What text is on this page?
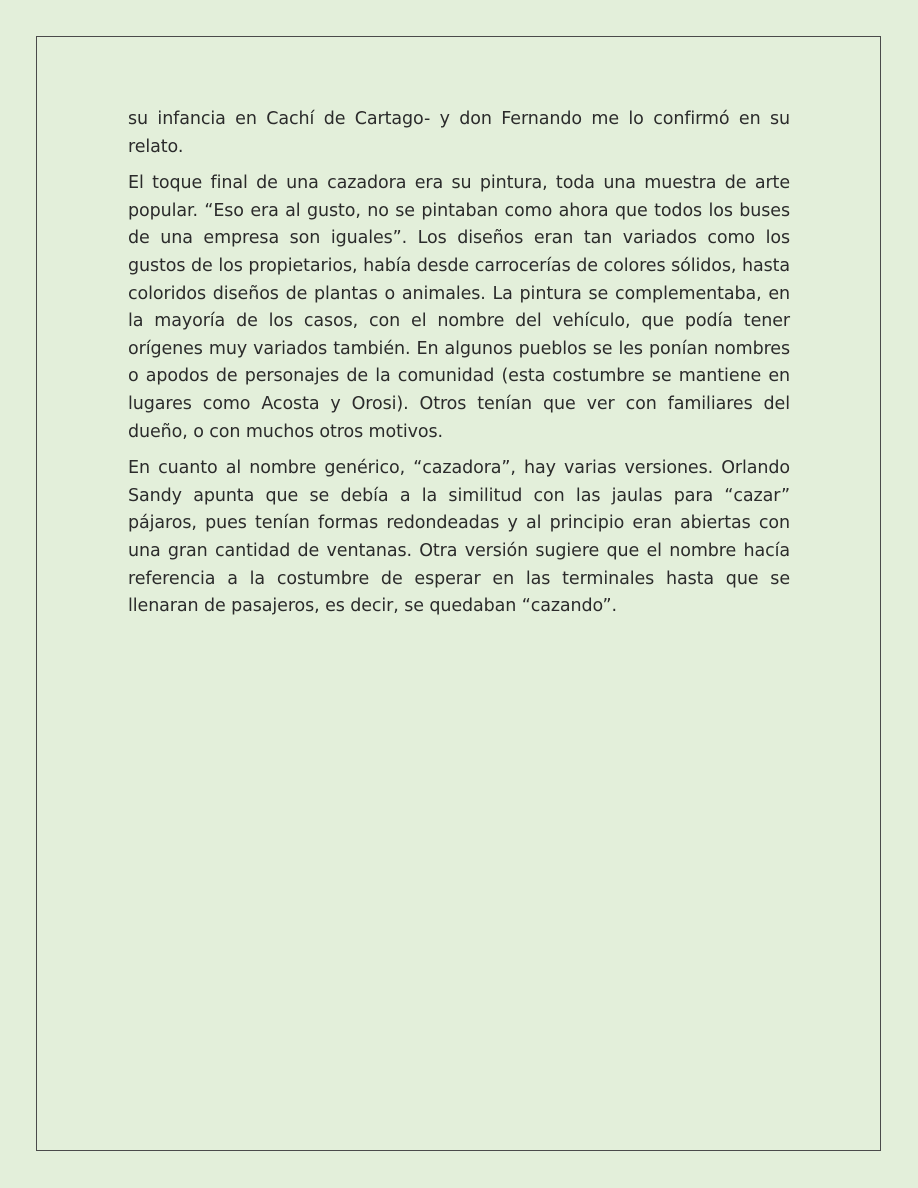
su infancia en Cachí de Cartago- y don Fernando me lo confirmó en su relato.

El toque final de una cazadora era su pintura, toda una muestra de arte popular. “Eso era al gusto, no se pintaban como ahora que todos los buses de una empresa son iguales”. Los diseños eran tan variados como los gustos de los propietarios, había desde carrocerías de colores sólidos, hasta coloridos diseños de plantas o animales. La pintura se complementaba, en la mayoría de los casos, con el nombre del vehículo, que podía tener orígenes muy variados también. En algunos pueblos se les ponían nombres o apodos de personajes de la comunidad (esta costumbre se mantiene en lugares como Acosta y Orosi). Otros tenían que ver con familiares del dueño, o con muchos otros motivos.

En cuanto al nombre genérico, “cazadora”, hay varias versiones. Orlando Sandy apunta que se debía a la similitud con las jaulas para “cazar” pájaros, pues tenían formas redondeadas y al principio eran abiertas con una gran cantidad de ventanas. Otra versión sugiere que el nombre hacía referencia a la costumbre de esperar en las terminales hasta que se llenaran de pasajeros, es decir, se quedaban “cazando”.
